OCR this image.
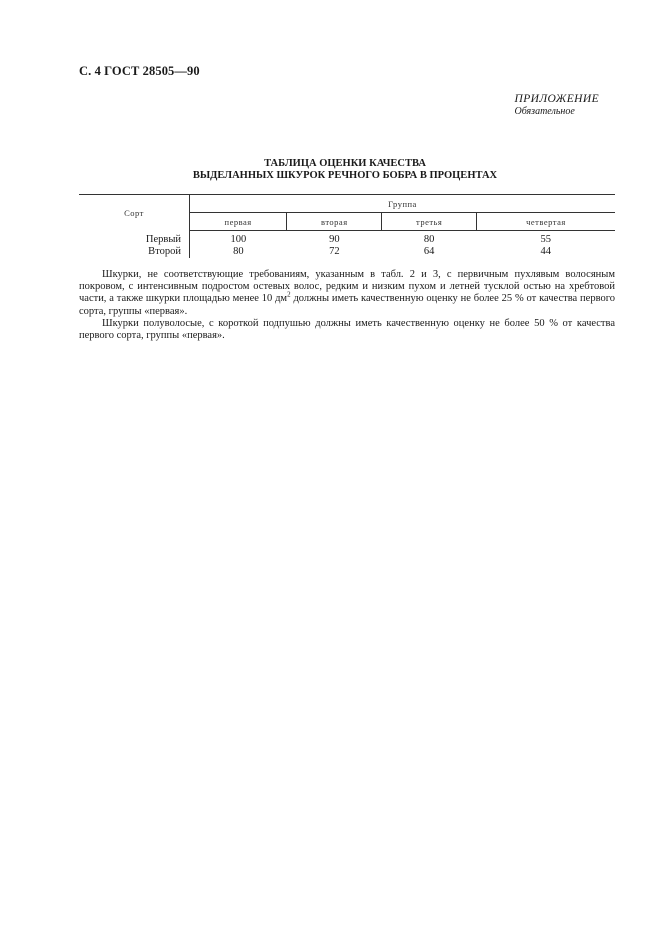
С. 4 ГОСТ 28505—90
ПРИЛОЖЕНИЕ
Обязательное
ТАБЛИЦА ОЦЕНКИ КАЧЕСТВА
ВЫДЕЛАННЫХ ШКУРОК РЕЧНОГО БОБРА В ПРОЦЕНТАХ
Сорт	Группа			
	первая	вторая	третья	четвертая
Первый	100	90	80	55
Второй	80	72	64	44

Шкурки, не соответствующие требованиям, указанным в табл. 2 и 3, с первичным пухлявым волосяным покровом, с интенсивным подростом остевых волос, редким и низким пухом и летней тусклой остью на хребтовой части, а также шкурки площадью менее 10 $дм^2$ должны иметь качественную оценку не более 25 % от качества первого сорта, группы «первая».

Шкурки полуволосые, с короткой подпушью должны иметь качественную оценку не более 50 % от качества первого сорта, группы «первая».
